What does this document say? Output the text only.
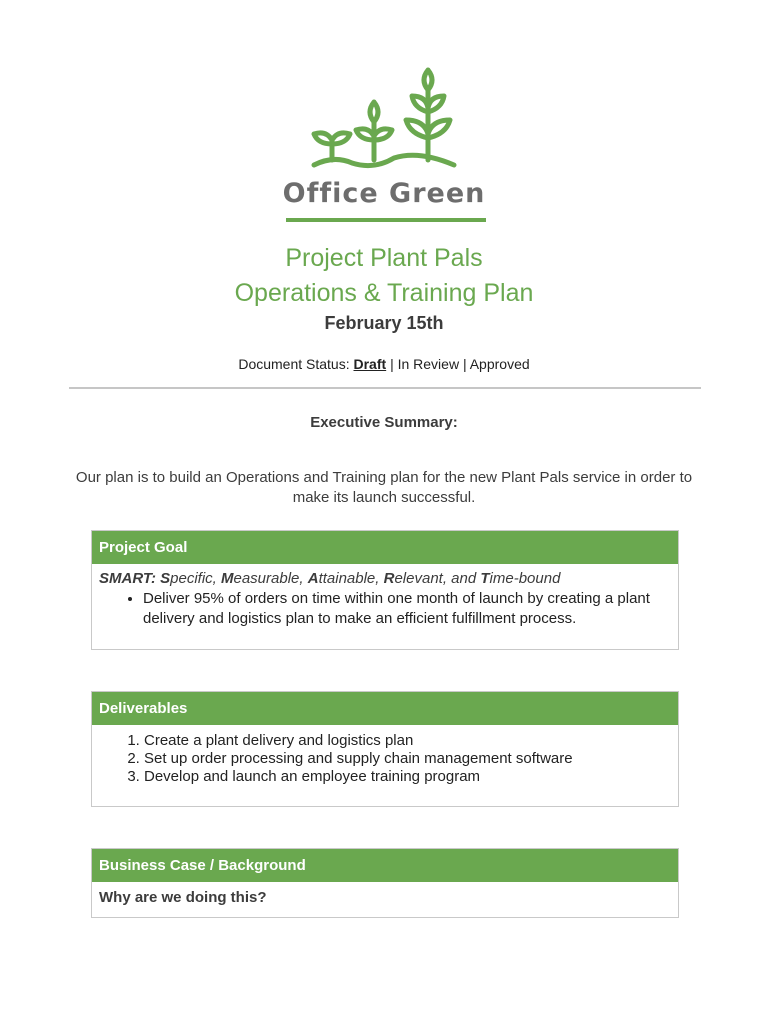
Office Green
Project Plant Pals
Operations & Training Plan
February 15th
Document Status: Draft | In Review | Approved
Executive Summary:
Our plan is to build an Operations and Training plan for the new Plant Pals service in order to make its launch successful.
Project Goal
SMART: Specific, Measurable, Attainable, Relevant, and Time-bound
• Deliver 95% of orders on time within one month of launch by creating a plant delivery and logistics plan to make an efficient fulfillment process.
Deliverables
1. Create a plant delivery and logistics plan
2. Set up order processing and supply chain management software
3. Develop and launch an employee training program
Business Case / Background
Why are we doing this?
